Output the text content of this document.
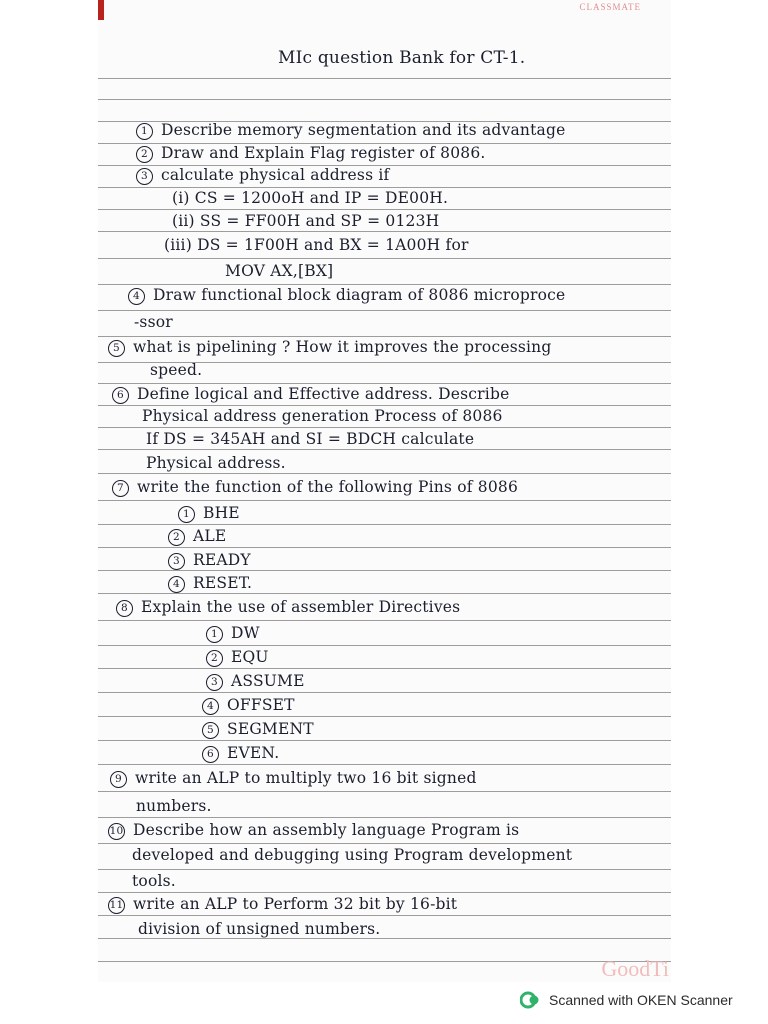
CLASSMATE
MIc question Bank for CT-1.
1 Describe memory segmentation and its advantage
2 Draw and Explain Flag register of 8086.
3 calculate physical address if
(i) CS = 1200oH and IP = DE00H.
(ii) SS = FF00H and SP = 0123H
(iii) DS = 1F00H and BX = 1A00H for
MOV AX,[BX]
4 Draw functional block diagram of 8086 microproce
-ssor
5 what is pipelining ? How it improves the processing
speed.
6 Define logical and Effective address. Describe
Physical address generation Process of 8086
If DS = 345AH and SI = BDCH calculate
Physical address.
7 write the function of the following Pins of 8086
1 BHE
2 ALE
3 READY
4 RESET.
8 Explain the use of assembler Directives
1 DW
2 EQU
3 ASSUME
4 OFFSET
5 SEGMENT
6 EVEN.
9 write an ALP to multiply two 16 bit signed
numbers.
10 Describe how an assembly language Program is
developed and debugging using Program development
tools.
11 write an ALP to Perform 32 bit by 16-bit
division of unsigned numbers.
GoodTi
Scanned with OKEN Scanner
